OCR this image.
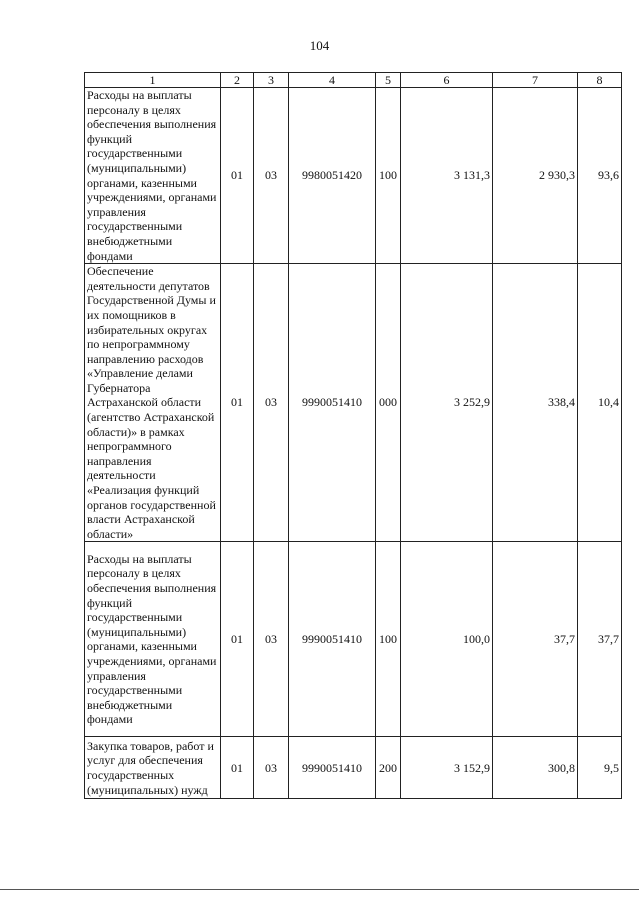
104
1	2	3	4	5	6	7	8
Расходы на выплаты персоналу в целях обеспечения выполнения функций государственными (муниципальными) органами, казенными учреждениями, органами управления государственными внебюджетными фондами	01	03	9980051420	100	3 131,3	2 930,3	93,6
Обеспечение деятельности депутатов Государственной Думы и их помощников в избирательных округах по непрограммному направлению расходов «Управление делами Губернатора Астраханской области (агентство Астраханской области)» в рамках непрограммного направления деятельности «Реализация функций органов государственной власти Астраханской области»	01	03	9990051410	000	3 252,9	338,4	10,4
Расходы на выплаты персоналу в целях обеспечения выполнения функций государственными (муниципальными) органами, казенными учреждениями, органами управления государственными внебюджетными фондами	01	03	9990051410	100	100,0	37,7	37,7
Закупка товаров, работ и услуг для обеспечения государственных (муниципальных) нужд	01	03	9990051410	200	3 152,9	300,8	9,5
